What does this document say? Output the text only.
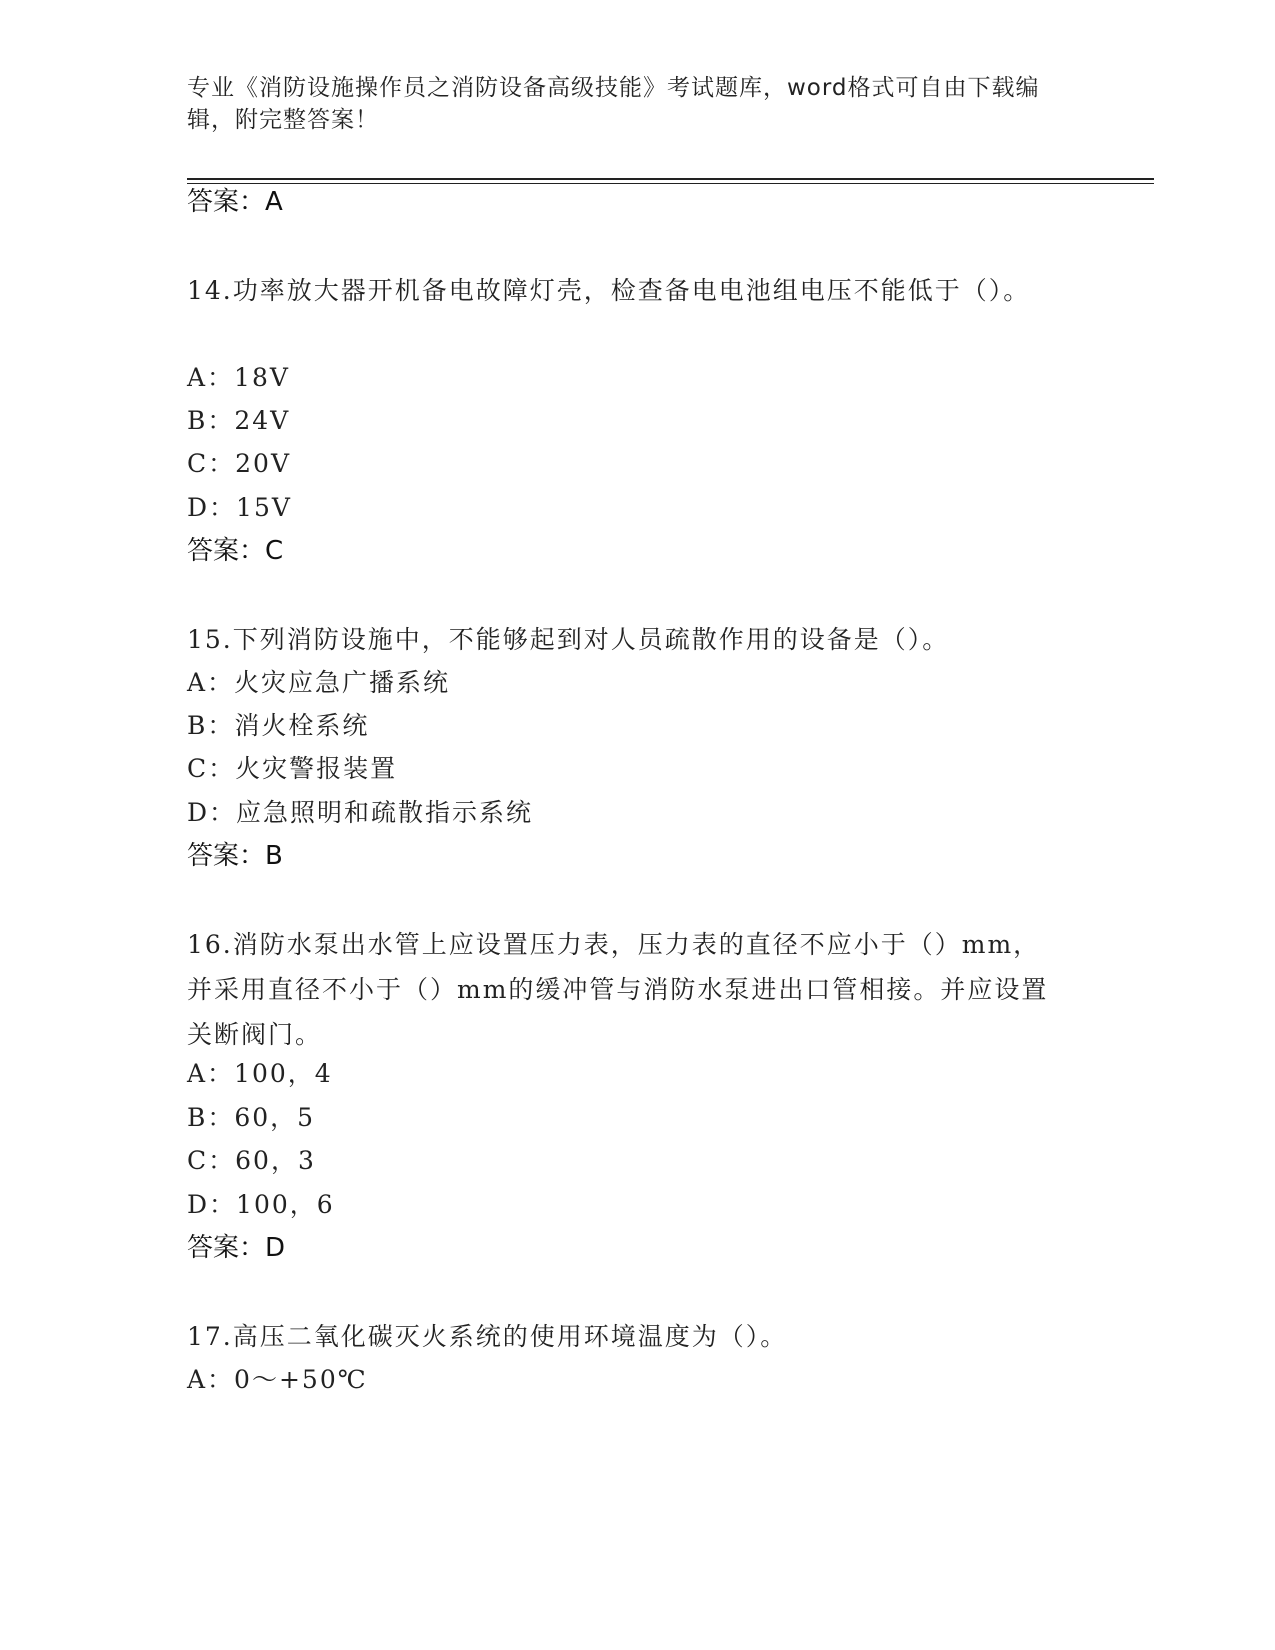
专业《消防设施操作员之消防设备高级技能》考试题库，word格式可自由下载编辑，附完整答案！
答案：A
14.功率放大器开机备电故障灯壳，检查备电电池组电压不能低于（）。
A：18V
B：24V
C：20V
D：15V
答案：C
15.下列消防设施中，不能够起到对人员疏散作用的设备是（）。
A：火灾应急广播系统
B：消火栓系统
C：火灾警报装置
D：应急照明和疏散指示系统
答案：B
16.消防水泵出水管上应设置压力表，压力表的直径不应小于（）mm，并采用直径不小于（）mm的缓冲管与消防水泵进出口管相接。并应设置关断阀门。
A：100，4
B：60，5
C：60，3
D：100，6
答案：D
17.高压二氧化碳灭火系统的使用环境温度为（）。
A：0～+50℃
